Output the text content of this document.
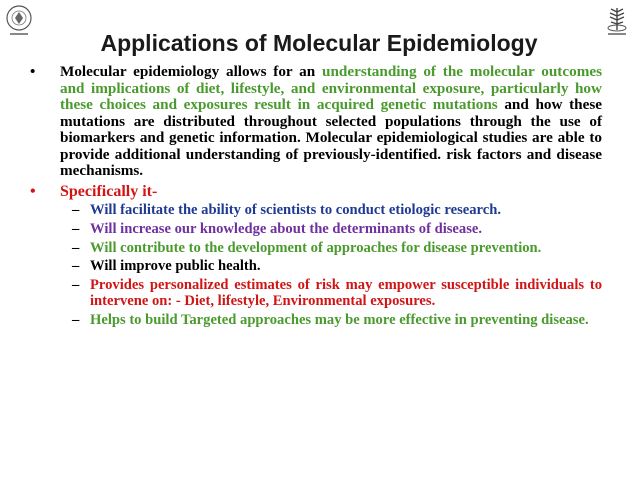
Applications of Molecular Epidemiology
•	Molecular epidemiology allows for an understanding of the molecular outcomes and implications of diet, lifestyle, and environmental exposure, particularly how these choices and exposures result in acquired genetic mutations and how these mutations are distributed throughout selected populations through the use of biomarkers and genetic information. Molecular epidemiological studies are able to provide additional understanding of previously-identified. risk factors and disease mechanisms.
•	Specifically it-
– Will facilitate the ability of scientists to conduct etiologic research.
– Will increase our knowledge about the determinants of disease.
– Will contribute to the development of approaches for disease prevention.
– Will improve public health.
– Provides personalized estimates of risk may empower susceptible individuals to intervene on: - Diet, lifestyle, Environmental exposures.
– Helps to build Targeted approaches may be more effective in preventing disease.
